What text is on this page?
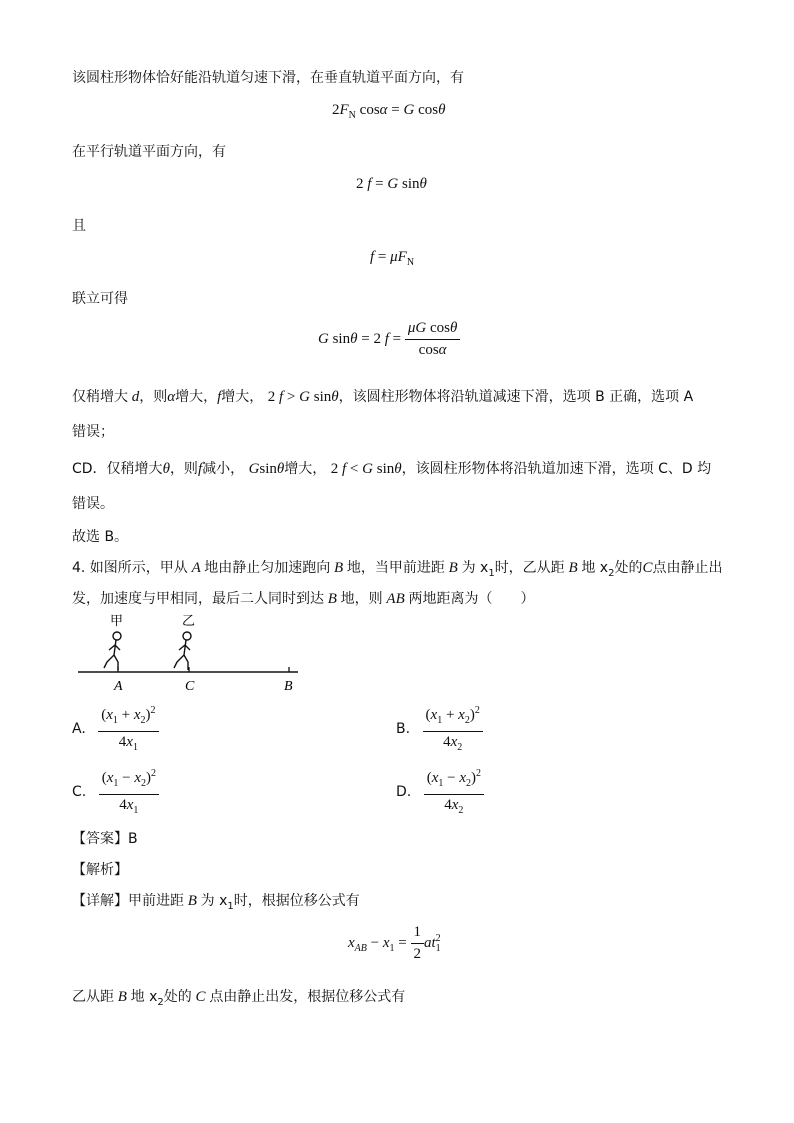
该圆柱形物体恰好能沿轨道匀速下滑，在垂直轨道平面方向，有
$2F_N$ cosα = G cosθ
在平行轨道平面方向，有
2 f = G sinθ
且
$f = \mu F_N$
联立可得
G sinθ = 2 $f = \frac{\text{μG cosθ}}{\cos\alpha}$
仅稍增大 d，则α增大，f增大， 2 f > G sinθ，该圆柱形物体将沿轨道减速下滑，选项 B 正确，选项 A
错误；
CD．仅稍增大θ，则f减小， Gsinθ增大， 2 f < G sinθ，该圆柱形物体将沿轨道加速下滑，选项 C、D 均
错误。
故选 B。
4. 如图所示，甲从 A 地由静止匀加速跑向 B 地，当甲前进距 B 为 $x_1$时，乙从距 B 地 $x_2$处的C点由静止出
发，加速度与甲相同，最后二人同时到达 B 地，则 AB 两地距离为（　　）
甲	乙
A	C	B
A. $\frac{(x_1 + x_2)^2}{4x_1}$	B. $\frac{(x_1 + x_2)^2}{4x_2}$
C. $\frac{(x_1 - x_2)^2}{4x_1}$	D. $\frac{(x_1 - x_2)^2}{4x_2}$
【答案】B
【解析】
【详解】甲前进距 B 为 $x_1$时，根据位移公式有
$x_{AB} - x_1 = \frac{1}{2} at_1^2$
乙从距 B 地 $x_2$处的 C 点由静止出发，根据位移公式有
